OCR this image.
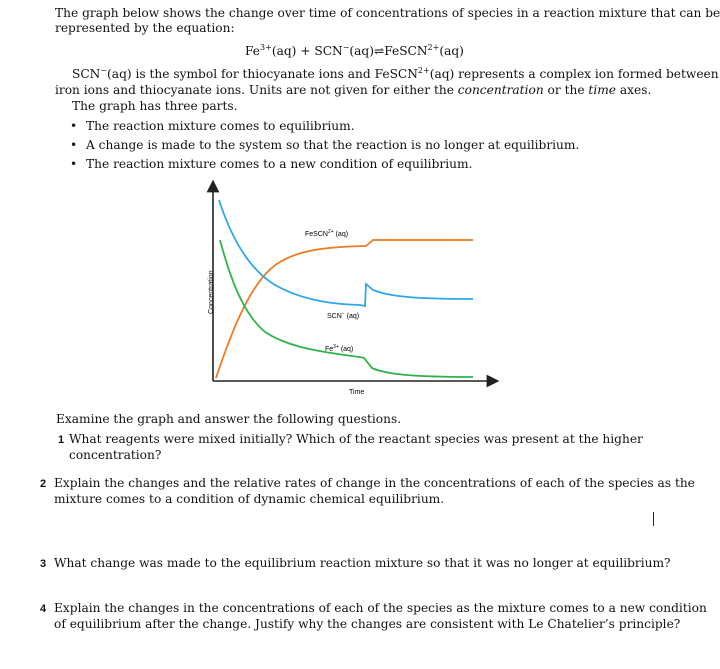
The graph below shows the change over time of concentrations of species in a reaction mixture that can be
represented by the equation:
$Fe^{3+}(aq)$ + SCN−(aq)⇌FeSCN$^{2+}$(aq)
SCN−(aq) is the symbol for thiocyanate ions and FeSCN$^{2+}$(aq) represents a complex ion formed between
iron ions and thiocyanate ions. Units are not given for either the concentration or the time axes.
The graph has three parts.
• The reaction mixture comes to equilibrium.
• A change is made to the system so that the reaction is no longer at equilibrium.
• The reaction mixture comes to a new condition of equilibrium.
FeSCN$^{2+}$ (aq)
SCN− (aq)
$Fe^{3+}$ (aq)
Time
Concentration
Examine the graph and answer the following questions.
1 What reagents were mixed initially? Which of the reactant species was present at the higher
concentration?
2 Explain the changes and the relative rates of change in the concentrations of each of the species as the
mixture comes to a condition of dynamic chemical equilibrium.
3 What change was made to the equilibrium reaction mixture so that it was no longer at equilibrium?
4 Explain the changes in the concentrations of each of the species as the mixture comes to a new condition
of equilibrium after the change. Justify why the changes are consistent with Le Chatelier’s principle?
